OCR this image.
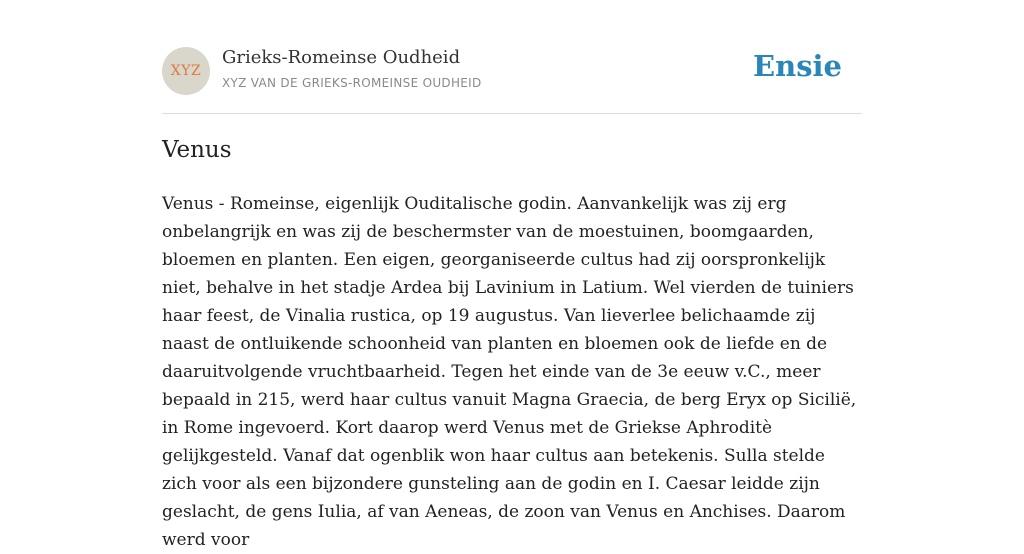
XYZ
Grieks-Romeinse Oudheid
XYZ VAN DE GRIEKS-ROMEINSE OUDHEID	Ensie
Venus

Venus - Romeinse, eigenlijk Ouditalische godin. Aanvankelijk was zij erg onbelangrijk en was zij de beschermster van de moestuinen, boomgaarden, bloemen en planten. Een eigen, georganiseerde cultus had zij oorspronkelijk niet, behalve in het stadje Ardea bij Lavinium in Latium. Wel vierden de tuiniers haar feest, de Vinalia rustica, op 19 augustus. Van lieverlee belichaamde zij naast de ontluikende schoonheid van planten en bloemen ook de liefde en de daaruitvolgende vruchtbaarheid. Tegen het einde van de 3e eeuw v.C., meer bepaald in 215, werd haar cultus vanuit Magna Graecia, de berg Eryx op Sicilië, in Rome ingevoerd. Kort daarop werd Venus met de Griekse Aphroditè gelijkgesteld. Vanaf dat ogenblik won haar cultus aan betekenis. Sulla stelde zich voor als een bijzondere gunsteling aan de godin en I. Caesar leidde zijn geslacht, de gens Iulia, af van Aeneas, de zoon van Venus en Anchises. Daarom werd voor
